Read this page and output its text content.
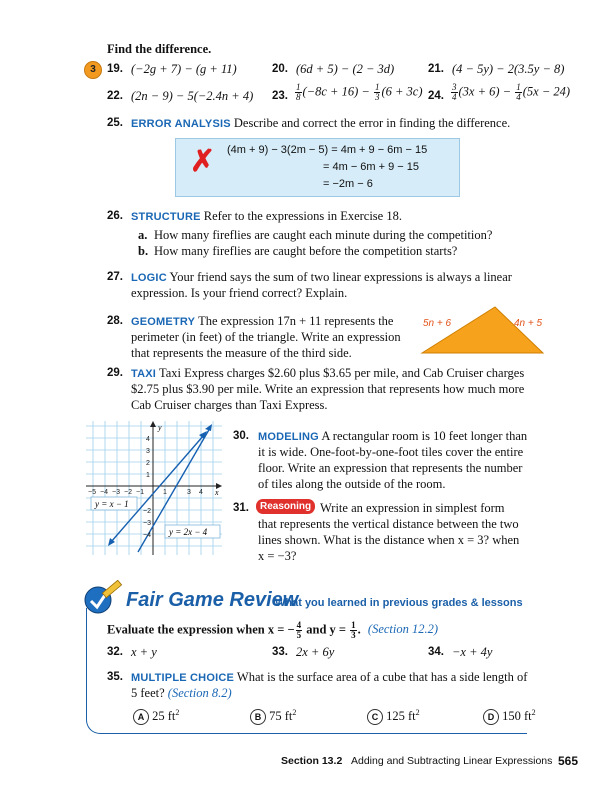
Find the difference.
3 19. (−2g + 7) − (g + 11)	20. (6d + 5) − (2 − 3d)	21. (4 − 5y) − 2(3.5y − 8)
22. (2n − 9) − 5(−2.4n + 4) 23. $\frac{1}{8} (-8c + 16) - \frac{1}{3} (6 + 3c)$ 24. $\frac{3}{4} (3x + 6) - \frac{1}{4} (5x - 24)$
25. ERROR ANALYSIS Describe and correct the error in finding the difference.
✗ (4m + 9) − 3(2m − 5) = 4m + 9 − 6m − 15
= 4m − 6m + 9 − 15
= −2m − 6
26. STRUCTURE Refer to the expressions in Exercise 18.
a. How many fireflies are caught each minute during the competition?
b. How many fireflies are caught before the competition starts?
27. LOGIC Your friend says the sum of two linear expressions is always a linear
expression. Is your friend correct? Explain.
28. GEOMETRY The expression 17n + 11 represents the
perimeter (in feet) of the triangle. Write an expression
that represents the measure of the third side.
5n + 6	4n + 5
29. TAXI Taxi Express charges $2.60 plus $3.65 per mile, and Cab Cruiser charges
$2.75 plus $3.90 per mile. Write an expression that represents how much more
Cab Cruiser charges than Taxi Express.
y
x
−5 −4 −3 −2 −1	1	3 4
4
3
2
1
−2
−3
−4
y = x − 1
y = 2x − 4
30. MODELING A rectangular room is 10 feet longer than
it is wide. One-foot-by-one-foot tiles cover the entire
floor. Write an expression that represents the number
of tiles along the outside of the room.
31.	Reasoning Write an expression in simplest form
that represents the vertical distance between the two
lines shown. What is the distance when x = 3? when
x = −3?
Fair Game Review
What you learned in previous grades & lessons
Evaluate the expression when x = − $\frac{4}{5}$ and $y = \frac{1}{3}$ . (Section 12.2)
32. x + y	33. 2x + 6y	34. −x + 4y
35. MULTIPLE CHOICE What is the surface area of a cube that has a side length of
5 feet? (Section 8.2)
A 25 $ft^2$	B 75 $ft^2$	C 125 $ft^2$	D 150 $ft^2$
Section 13.2 Adding and Subtracting Linear Expressions 565
